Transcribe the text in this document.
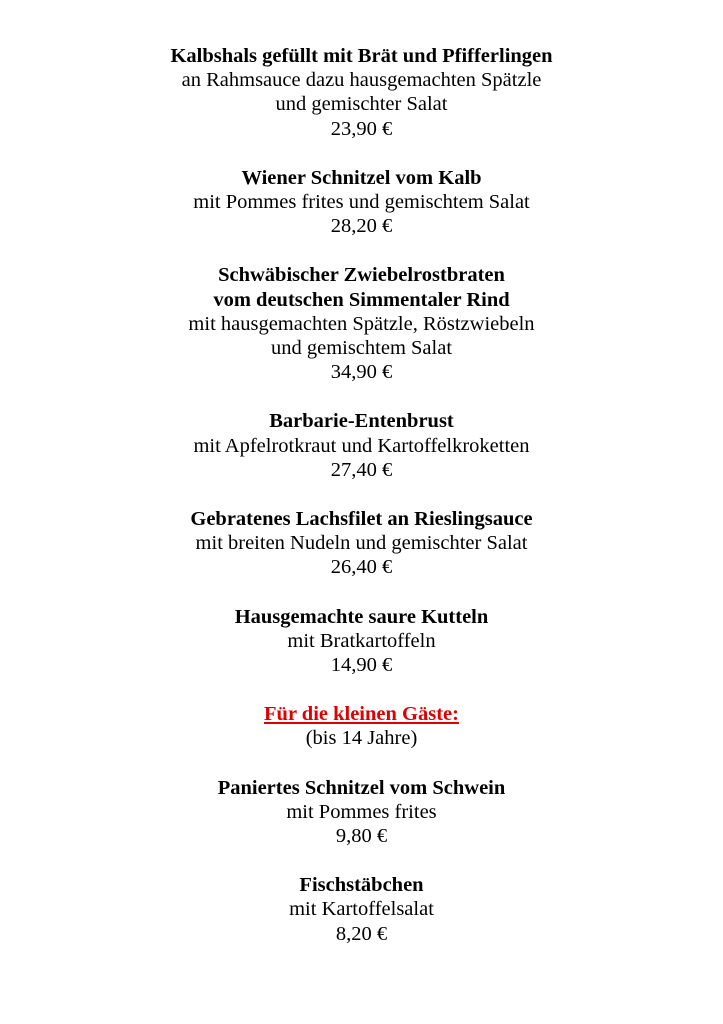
Kalbshals gefüllt mit Brät und Pfifferlingen
an Rahmsauce dazu hausgemachten Spätzle
und gemischter Salat
23,90 €
Wiener Schnitzel vom Kalb
mit Pommes frites und gemischtem Salat
28,20 €
Schwäbischer Zwiebelrostbraten
vom deutschen Simmentaler Rind
mit hausgemachten Spätzle, Röstzwiebeln
und gemischtem Salat
34,90 €
Barbarie-Entenbrust
mit Apfelrotkraut und Kartoffelkroketten
27,40 €
Gebratenes Lachsfilet an Rieslingsauce
mit breiten Nudeln und gemischter Salat
26,40 €
Hausgemachte saure Kutteln
mit Bratkartoffeln
14,90 €
Für die kleinen Gäste:
(bis 14 Jahre)
Paniertes Schnitzel vom Schwein
mit Pommes frites
9,80 €
Fischstäbchen
mit Kartoffelsalat
8,20 €
